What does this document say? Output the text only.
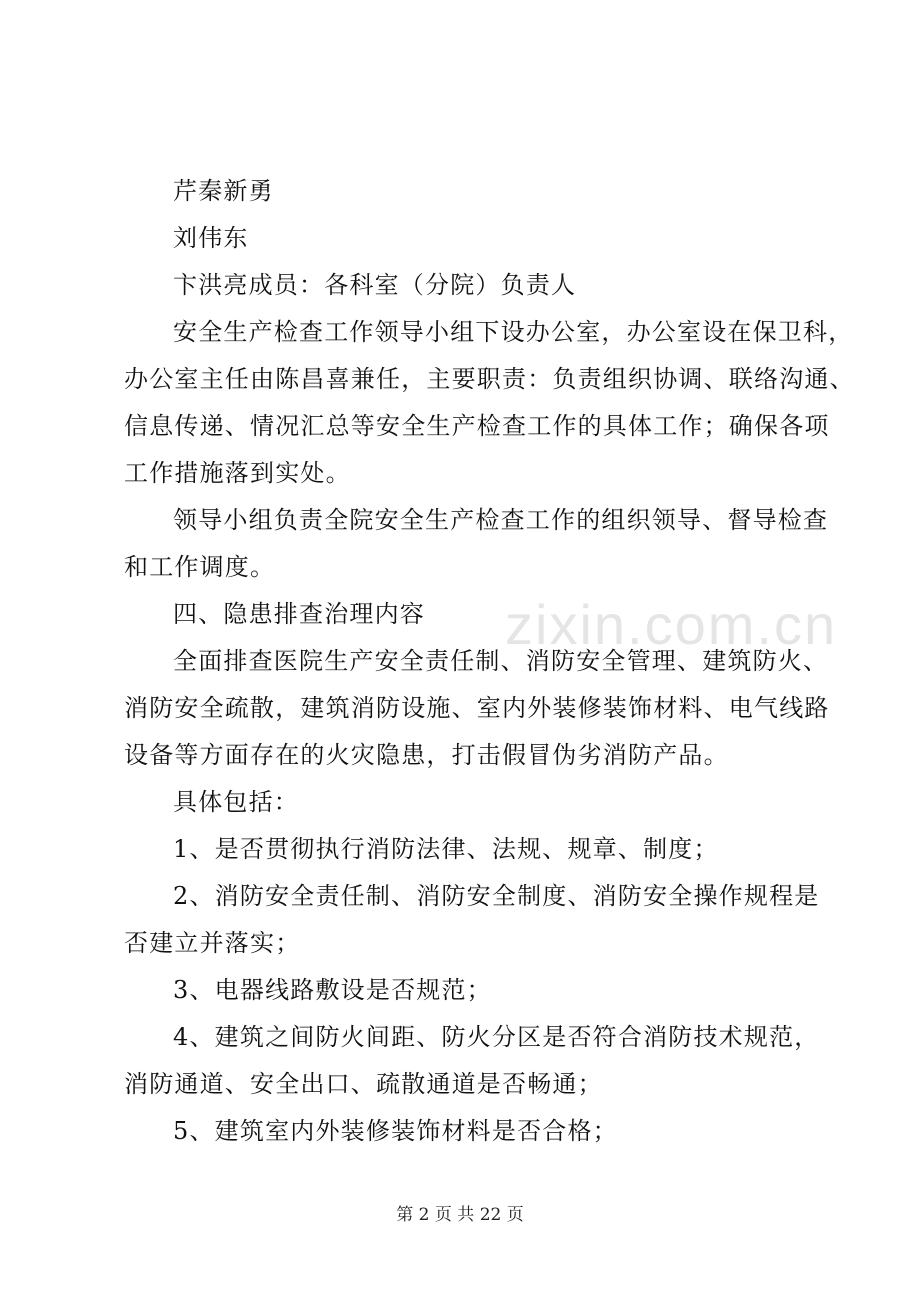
芹秦新勇
刘伟东
卞洪亮成员：各科室（分院）负责人
安全生产检查工作领导小组下设办公室，办公室设在保卫科，
办公室主任由陈昌喜兼任，主要职责：负责组织协调、联络沟通、
信息传递、情况汇总等安全生产检查工作的具体工作；确保各项
工作措施落到实处。
领导小组负责全院安全生产检查工作的组织领导、督导检查
和工作调度。
四、隐患排查治理内容
全面排查医院生产安全责任制、消防安全管理、建筑防火、
消防安全疏散，建筑消防设施、室内外装修装饰材料、电气线路
设备等方面存在的火灾隐患，打击假冒伪劣消防产品。
具体包括：
1、是否贯彻执行消防法律、法规、规章、制度；
2、消防安全责任制、消防安全制度、消防安全操作规程是
否建立并落实；
3、电器线路敷设是否规范；
4、建筑之间防火间距、防火分区是否符合消防技术规范，
消防通道、安全出口、疏散通道是否畅通；
5、建筑室内外装修装饰材料是否合格；
zixin.com.cn
第 2 页 共 22 页
